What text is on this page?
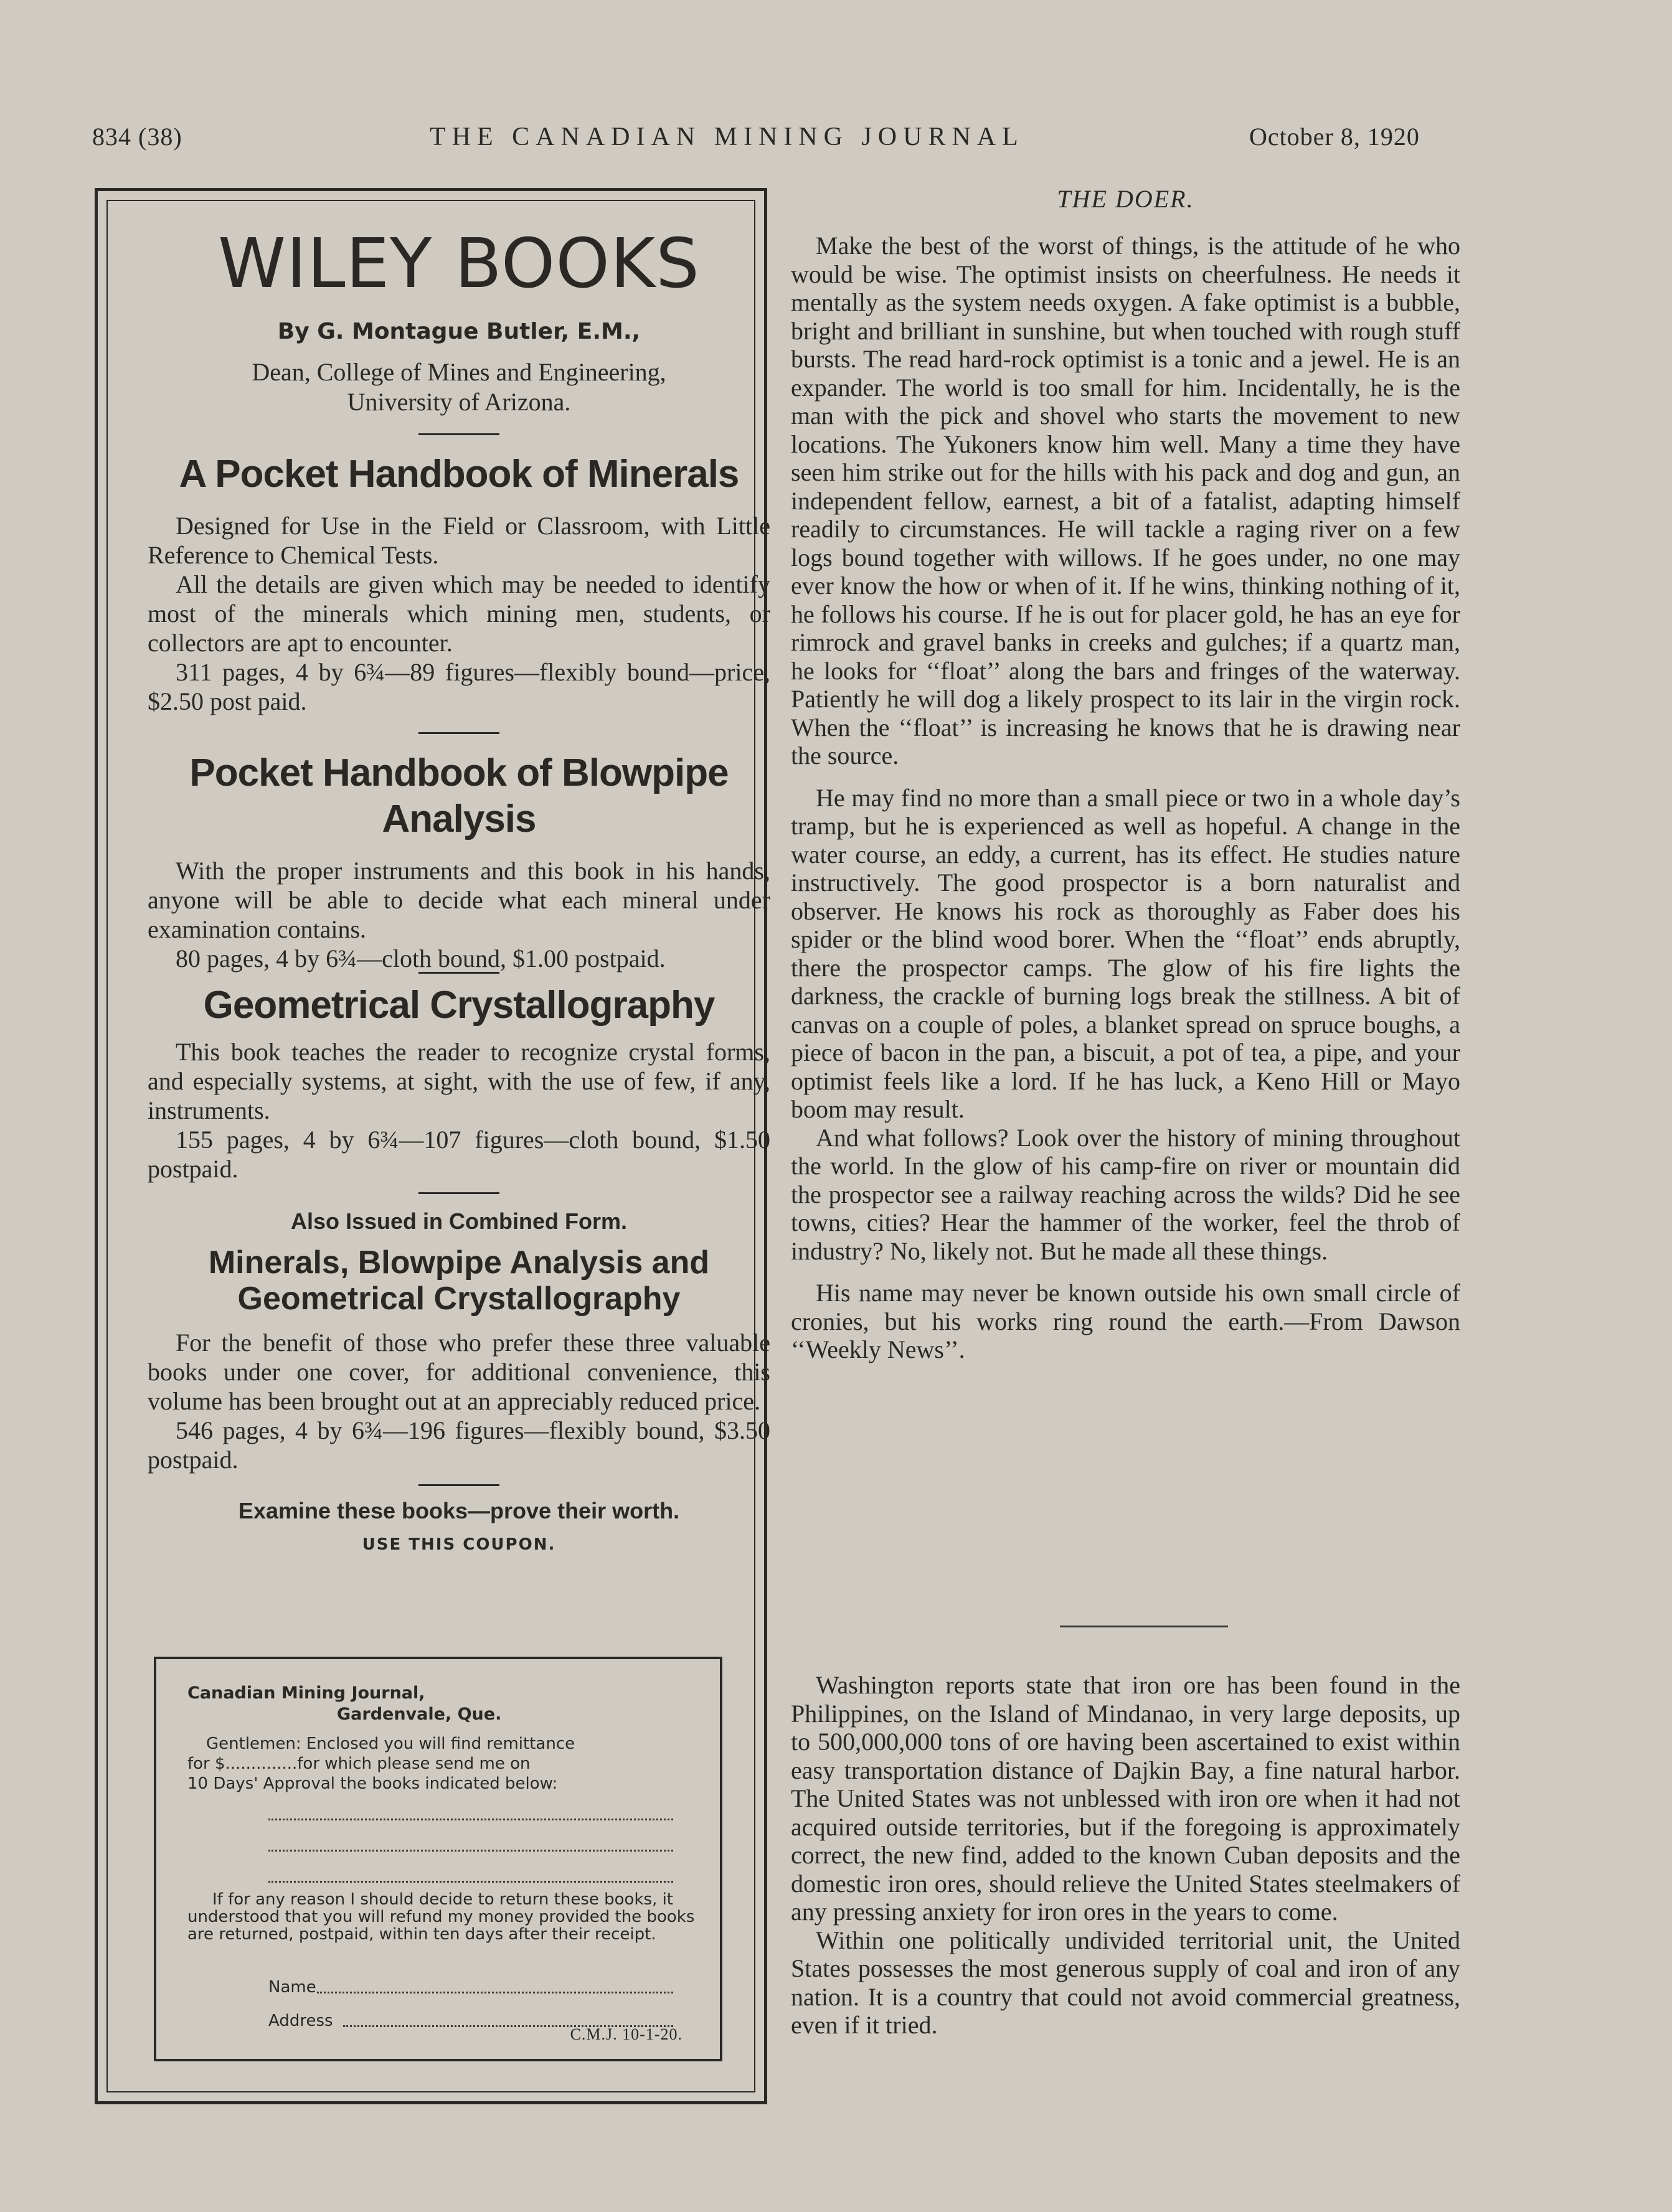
834 (38)	THE CANADIAN MINING JOURNAL	October 8, 1920
WILEY BOOKS
By G. Montague Butler, E.M.,
Dean, College of Mines and Engineering,
University of Arizona.
A Pocket Handbook of Minerals

Designed for Use in the Field or Classroom, with Little Reference to Chemical Tests.

All the details are given which may be needed to identify most of the minerals which mining men, students, or collectors are apt to encounter.

311 pages, 4 by 6¾—89 figures—flexibly bound—price, $2.50 post paid.

Pocket Handbook of Blowpipe
Analysis

With the proper instruments and this book in his hands, anyone will be able to decide what each mineral under examination contains.

80 pages, 4 by 6¾—cloth bound, $1.00 postpaid.

Geometrical Crystallography

This book teaches the reader to recognize crystal forms, and especially systems, at sight, with the use of few, if any, instruments.

155 pages, 4 by 6¾—107 figures—cloth bound, $1.50 postpaid.

Also Issued in Combined Form.
Minerals, Blowpipe Analysis and
Geometrical Crystallography

For the benefit of those who prefer these three valuable books under one cover, for additional convenience, this volume has been brought out at an appreciably reduced price.

546 pages, 4 by 6¾—196 figures—flexibly bound, $3.50 postpaid.

Examine these books—prove their worth.
USE THIS COUPON.
Canadian Mining Journal,
Gardenvale, Que.
Gentlemen: Enclosed you will find remittance
for $..............for which please send me on
10 Days' Approval the books indicated below:
If for any reason I should decide to return these books, it understood that you will refund my money provided the books are returned, postpaid, within ten days after their receipt.
Name
Address
C.M.J. 10-1-20.
THE DOER.

Make the best of the worst of things, is the attitude of he who would be wise. The optimist insists on cheerfulness. He needs it mentally as the system needs oxygen. A fake optimist is a bubble, bright and brilliant in sunshine, but when touched with rough stuff bursts. The read hard-rock optimist is a tonic and a jewel. He is an expander. The world is too small for him. Incidentally, he is the man with the pick and shovel who starts the movement to new locations. The Yukoners know him well. Many a time they have seen him strike out for the hills with his pack and dog and gun, an independent fellow, earnest, a bit of a fatalist, adapting himself readily to circumstances. He will tackle a raging river on a few logs bound together with willows. If he goes under, no one may ever know the how or when of it. If he wins, thinking nothing of it, he follows his course. If he is out for placer gold, he has an eye for rimrock and gravel banks in creeks and gulches; if a quartz man, he looks for ‘‘float’’ along the bars and fringes of the waterway. Patiently he will dog a likely prospect to its lair in the virgin rock. When the ‘‘float’’ is increasing he knows that he is drawing near the source.

He may find no more than a small piece or two in a whole day’s tramp, but he is experienced as well as hopeful. A change in the water course, an eddy, a current, has its effect. He studies nature instructively. The good prospector is a born naturalist and observer. He knows his rock as thoroughly as Faber does his spider or the blind wood borer. When the ‘‘float’’ ends abruptly, there the prospector camps. The glow of his fire lights the darkness, the crackle of burning logs break the stillness. A bit of canvas on a couple of poles, a blanket spread on spruce boughs, a piece of bacon in the pan, a biscuit, a pot of tea, a pipe, and your optimist feels like a lord. If he has luck, a Keno Hill or Mayo boom may result.

And what follows? Look over the history of mining throughout the world. In the glow of his camp-fire on river or mountain did the prospector see a railway reaching across the wilds? Did he see towns, cities? Hear the hammer of the worker, feel the throb of industry? No, likely not. But he made all these things.

His name may never be known outside his own small circle of cronies, but his works ring round the earth.—From Dawson ‘‘Weekly News’’.

Washington reports state that iron ore has been found in the Philippines, on the Island of Mindanao, in very large deposits, up to 500,000,000 tons of ore having been ascertained to exist within easy transportation distance of Dajkin Bay, a fine natural harbor. The United States was not unblessed with iron ore when it had not acquired outside territories, but if the foregoing is approximately correct, the new find, added to the known Cuban deposits and the domestic iron ores, should relieve the United States steelmakers of any pressing anxiety for iron ores in the years to come.

Within one politically undivided territorial unit, the United States possesses the most generous supply of coal and iron of any nation. It is a country that could not avoid commercial greatness, even if it tried.
